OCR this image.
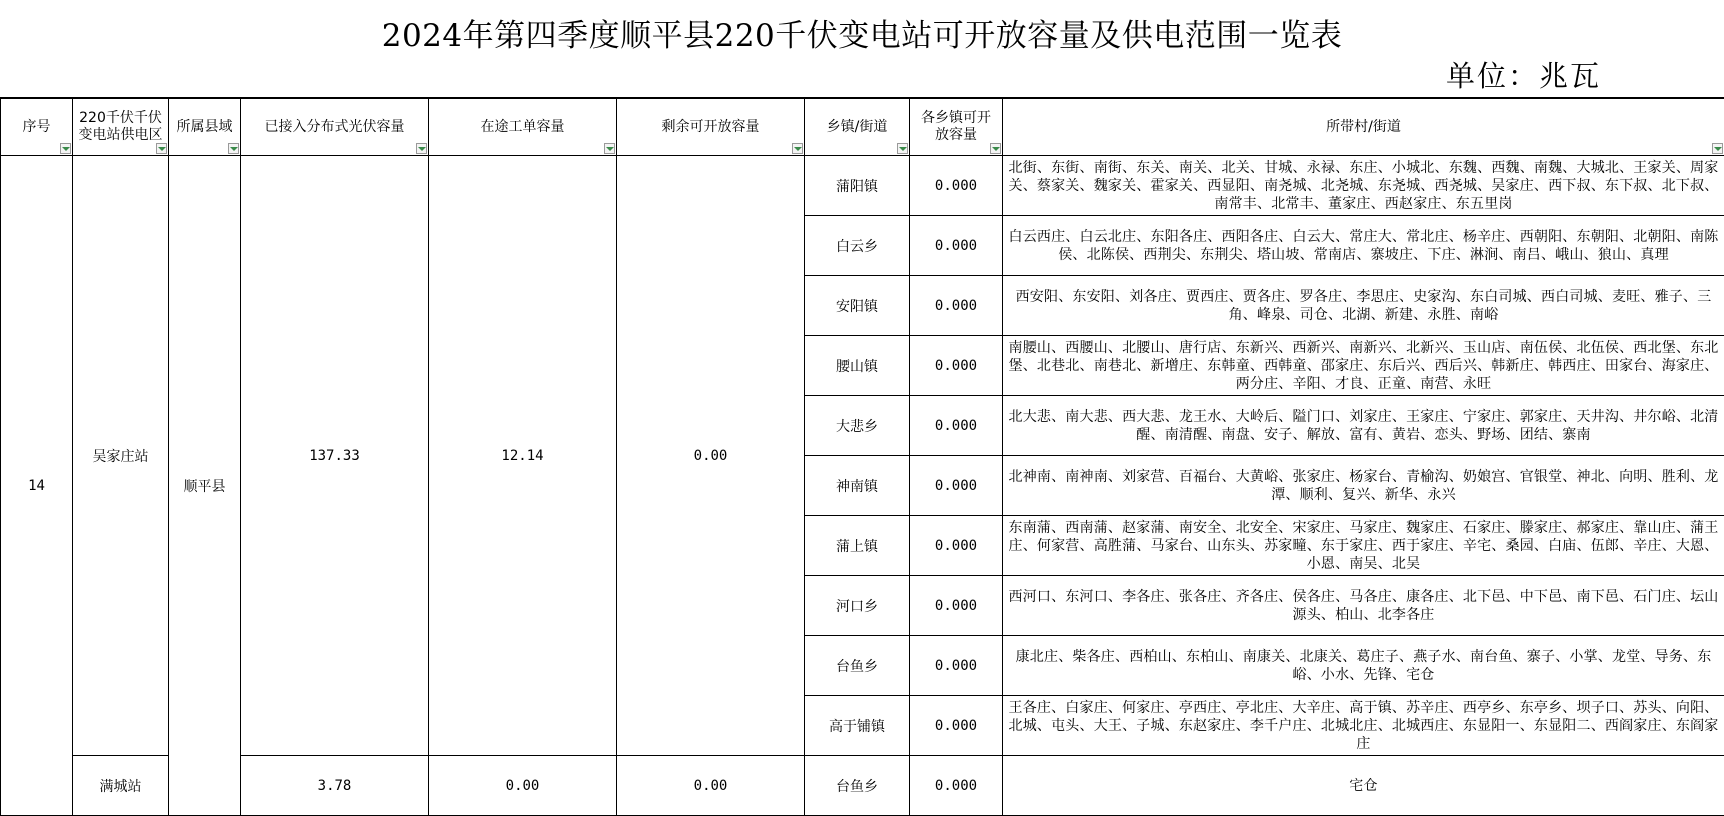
2024年第四季度顺平县220千伏变电站可开放容量及供电范围一览表
单位：兆瓦
序号	220千伏千伏变电站供电区	所属县域	已接入分布式光伏容量	在途工单容量	剩余可开放容量	乡镇/街道	各乡镇可开放容量	所带村/街道

14	吴家庄站	顺平县	137.33	12.14	0.00	蒲阳镇	0.000	北街、东街、南街、东关、南关、北关、甘城、永禄、东庄、小城北、东魏、西魏、南魏、大城北、王家关、周家关、蔡家关、魏家关、霍家关、西显阳、南尧城、北尧城、东尧城、西尧城、吴家庄、西下叔、东下叔、北下叔、南常丰、北常丰、董家庄、西赵家庄、东五里岗
						白云乡	0.000	白云西庄、白云北庄、东阳各庄、西阳各庄、白云大、常庄大、常北庄、杨辛庄、西朝阳、东朝阳、北朝阳、南陈侯、北陈侯、西荆尖、东荆尖、塔山坡、常南店、寨坡庄、下庄、淋涧、南吕、峨山、狼山、真理
						安阳镇	0.000	西安阳、东安阳、刘各庄、贾西庄、贾各庄、罗各庄、李思庄、史家沟、东白司城、西白司城、麦旺、雅子、三角、峰泉、司仓、北湖、新建、永胜、南峪
						腰山镇	0.000	南腰山、西腰山、北腰山、唐行店、东新兴、西新兴、南新兴、北新兴、玉山店、南伍侯、北伍侯、西北堡、东北堡、北巷北、南巷北、新增庄、东韩童、西韩童、邵家庄、东后兴、西后兴、韩新庄、韩西庄、田家台、海家庄、两分庄、辛阳、才良、正童、南营、永旺
						大悲乡	0.000	北大悲、南大悲、西大悲、龙王水、大岭后、隘门口、刘家庄、王家庄、宁家庄、郭家庄、天井沟、井尔峪、北清醒、南清醒、南盘、安子、解放、富有、黄岩、恋头、野场、团结、寨南
						神南镇	0.000	北神南、南神南、刘家营、百福台、大黄峪、张家庄、杨家台、青榆沟、奶娘宫、官银堂、神北、向明、胜利、龙潭、顺利、复兴、新华、永兴
						蒲上镇	0.000	东南蒲、西南蒲、赵家蒲、南安全、北安全、宋家庄、马家庄、魏家庄、石家庄、滕家庄、郝家庄、靠山庄、蒲王庄、何家营、高胜蒲、马家台、山东头、苏家疃、东于家庄、西于家庄、辛宅、桑园、白庙、伍郎、辛庄、大恩、小恩、南吴、北吴
						河口乡	0.000	西河口、东河口、李各庄、张各庄、齐各庄、侯各庄、马各庄、康各庄、北下邑、中下邑、南下邑、石门庄、坛山源头、柏山、北李各庄
						台鱼乡	0.000	康北庄、柴各庄、西柏山、东柏山、南康关、北康关、葛庄子、燕子水、南台鱼、寨子、小掌、龙堂、导务、东峪、小水、先锋、宅仓
						高于铺镇	0.000	王各庄、白家庄、何家庄、亭西庄、亭北庄、大辛庄、高于镇、苏辛庄、西亭乡、东亭乡、坝子口、苏头、向阳、北城、屯头、大王、子城、东赵家庄、李千户庄、北城北庄、北城西庄、东显阳一、东显阳二、西阎家庄、东阎家庄
	满城站		3.78	0.00	0.00	台鱼乡	0.000	宅仓
